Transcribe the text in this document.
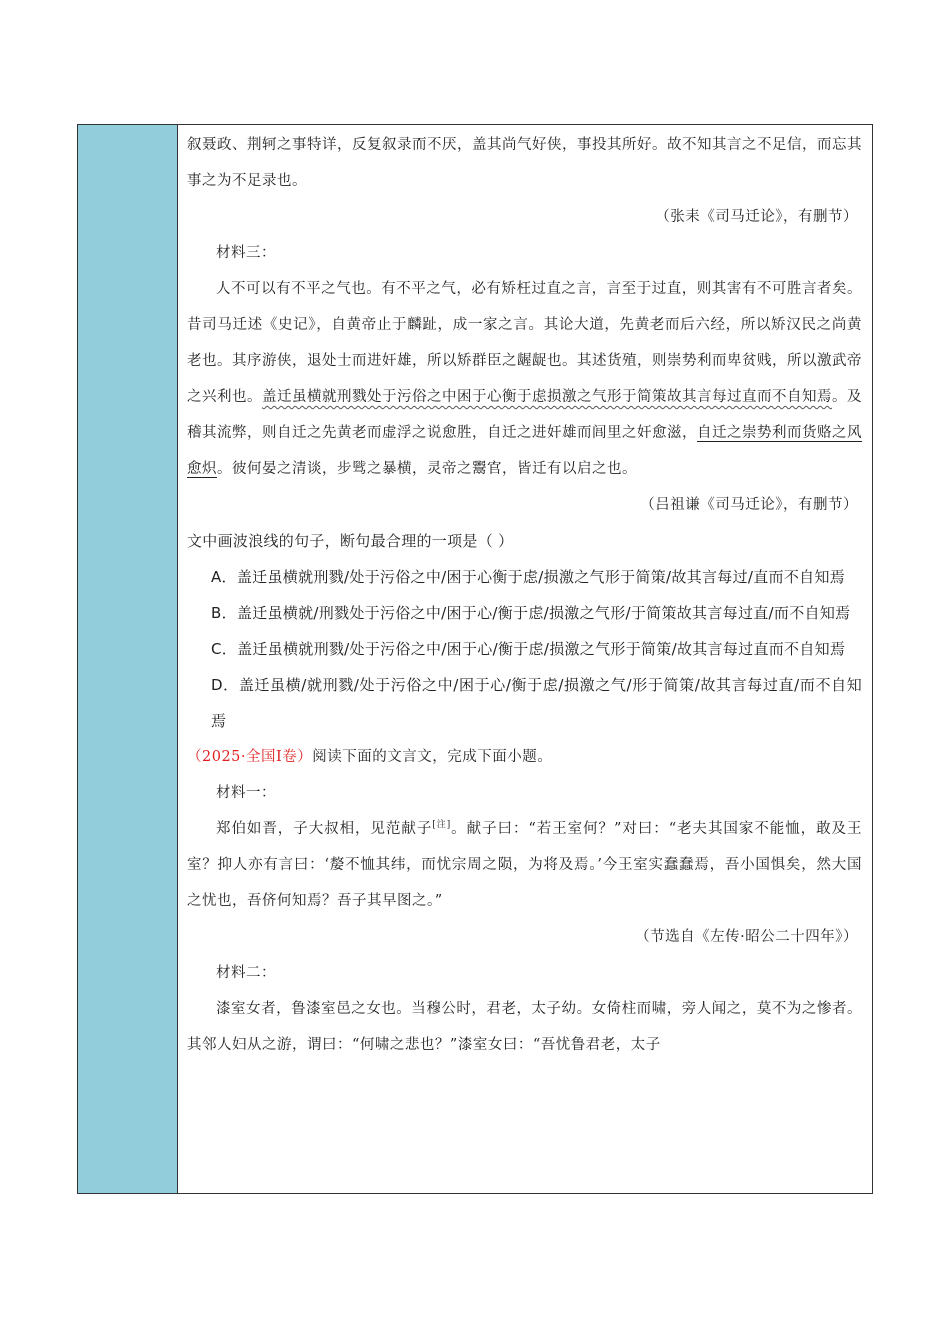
叙聂政、荆轲之事特详，反复叙录而不厌，盖其尚气好侠，事投其所好。故不知其言之不足信，而忘其事之为不足录也。

（张耒《司马迁论》，有删节）

材料三：

人不可以有不平之气也。有不平之气，必有矫枉过直之言，言至于过直，则其害有不可胜言者矣。昔司马迁述《史记》，自黄帝止于麟趾，成一家之言。其论大道，先黄老而后六经，所以矫汉民之尚黄老也。其序游侠，退处士而进奸雄，所以矫群臣之龌龊也。其述货殖，则崇势利而卑贫贱，所以激武帝之兴利也。盖迁虽横就刑戮处于污俗之中困于心衡于虑损激之气形于简策故其言每过直而不自知焉。及稽其流弊，则自迁之先黄老而虚浮之说愈胜，自迁之进奸雄而闾里之奸愈滋，自迁之崇势利而货赂之风愈炽。彼何晏之清谈，步骘之暴横，灵帝之鬻官，皆迁有以启之也。

（吕祖谦《司马迁论》，有删节）

文中画波浪线的句子，断句最合理的一项是（ ）

A．盖迁虽横就刑戮/处于污俗之中/困于心衡于虑/损激之气形于简策/故其言每过/直而不自知焉

B．盖迁虽横就/刑戮处于污俗之中/困于心/衡于虑/损激之气形/于简策故其言每过直/而不自知焉

C．盖迁虽横就刑戮/处于污俗之中/困于心/衡于虑/损激之气形于简策/故其言每过直而不自知焉

D．盖迁虽横/就刑戮/处于污俗之中/困于心/衡于虑/损激之气/形于简策/故其言每过直/而不自知焉

（2025·全国Ⅰ卷）阅读下面的文言文，完成下面小题。

材料一：

郑伯如晋，子大叔相，见范献子[注]。献子曰：“若王室何？”对曰：“老夫其国家不能恤，敢及王室？抑人亦有言曰：‘嫠不恤其纬，而忧宗周之陨，为将及焉。’今王室实蠢蠢焉，吾小国惧矣，然大国之忧也，吾侪何知焉？吾子其早图之。”

（节选自《左传·昭公二十四年》）

材料二：

漆室女者，鲁漆室邑之女也。当穆公时，君老，太子幼。女倚柱而啸，旁人闻之，莫不为之惨者。其邻人妇从之游，谓曰：“何啸之悲也？”漆室女曰：“吾忧鲁君老，太子
